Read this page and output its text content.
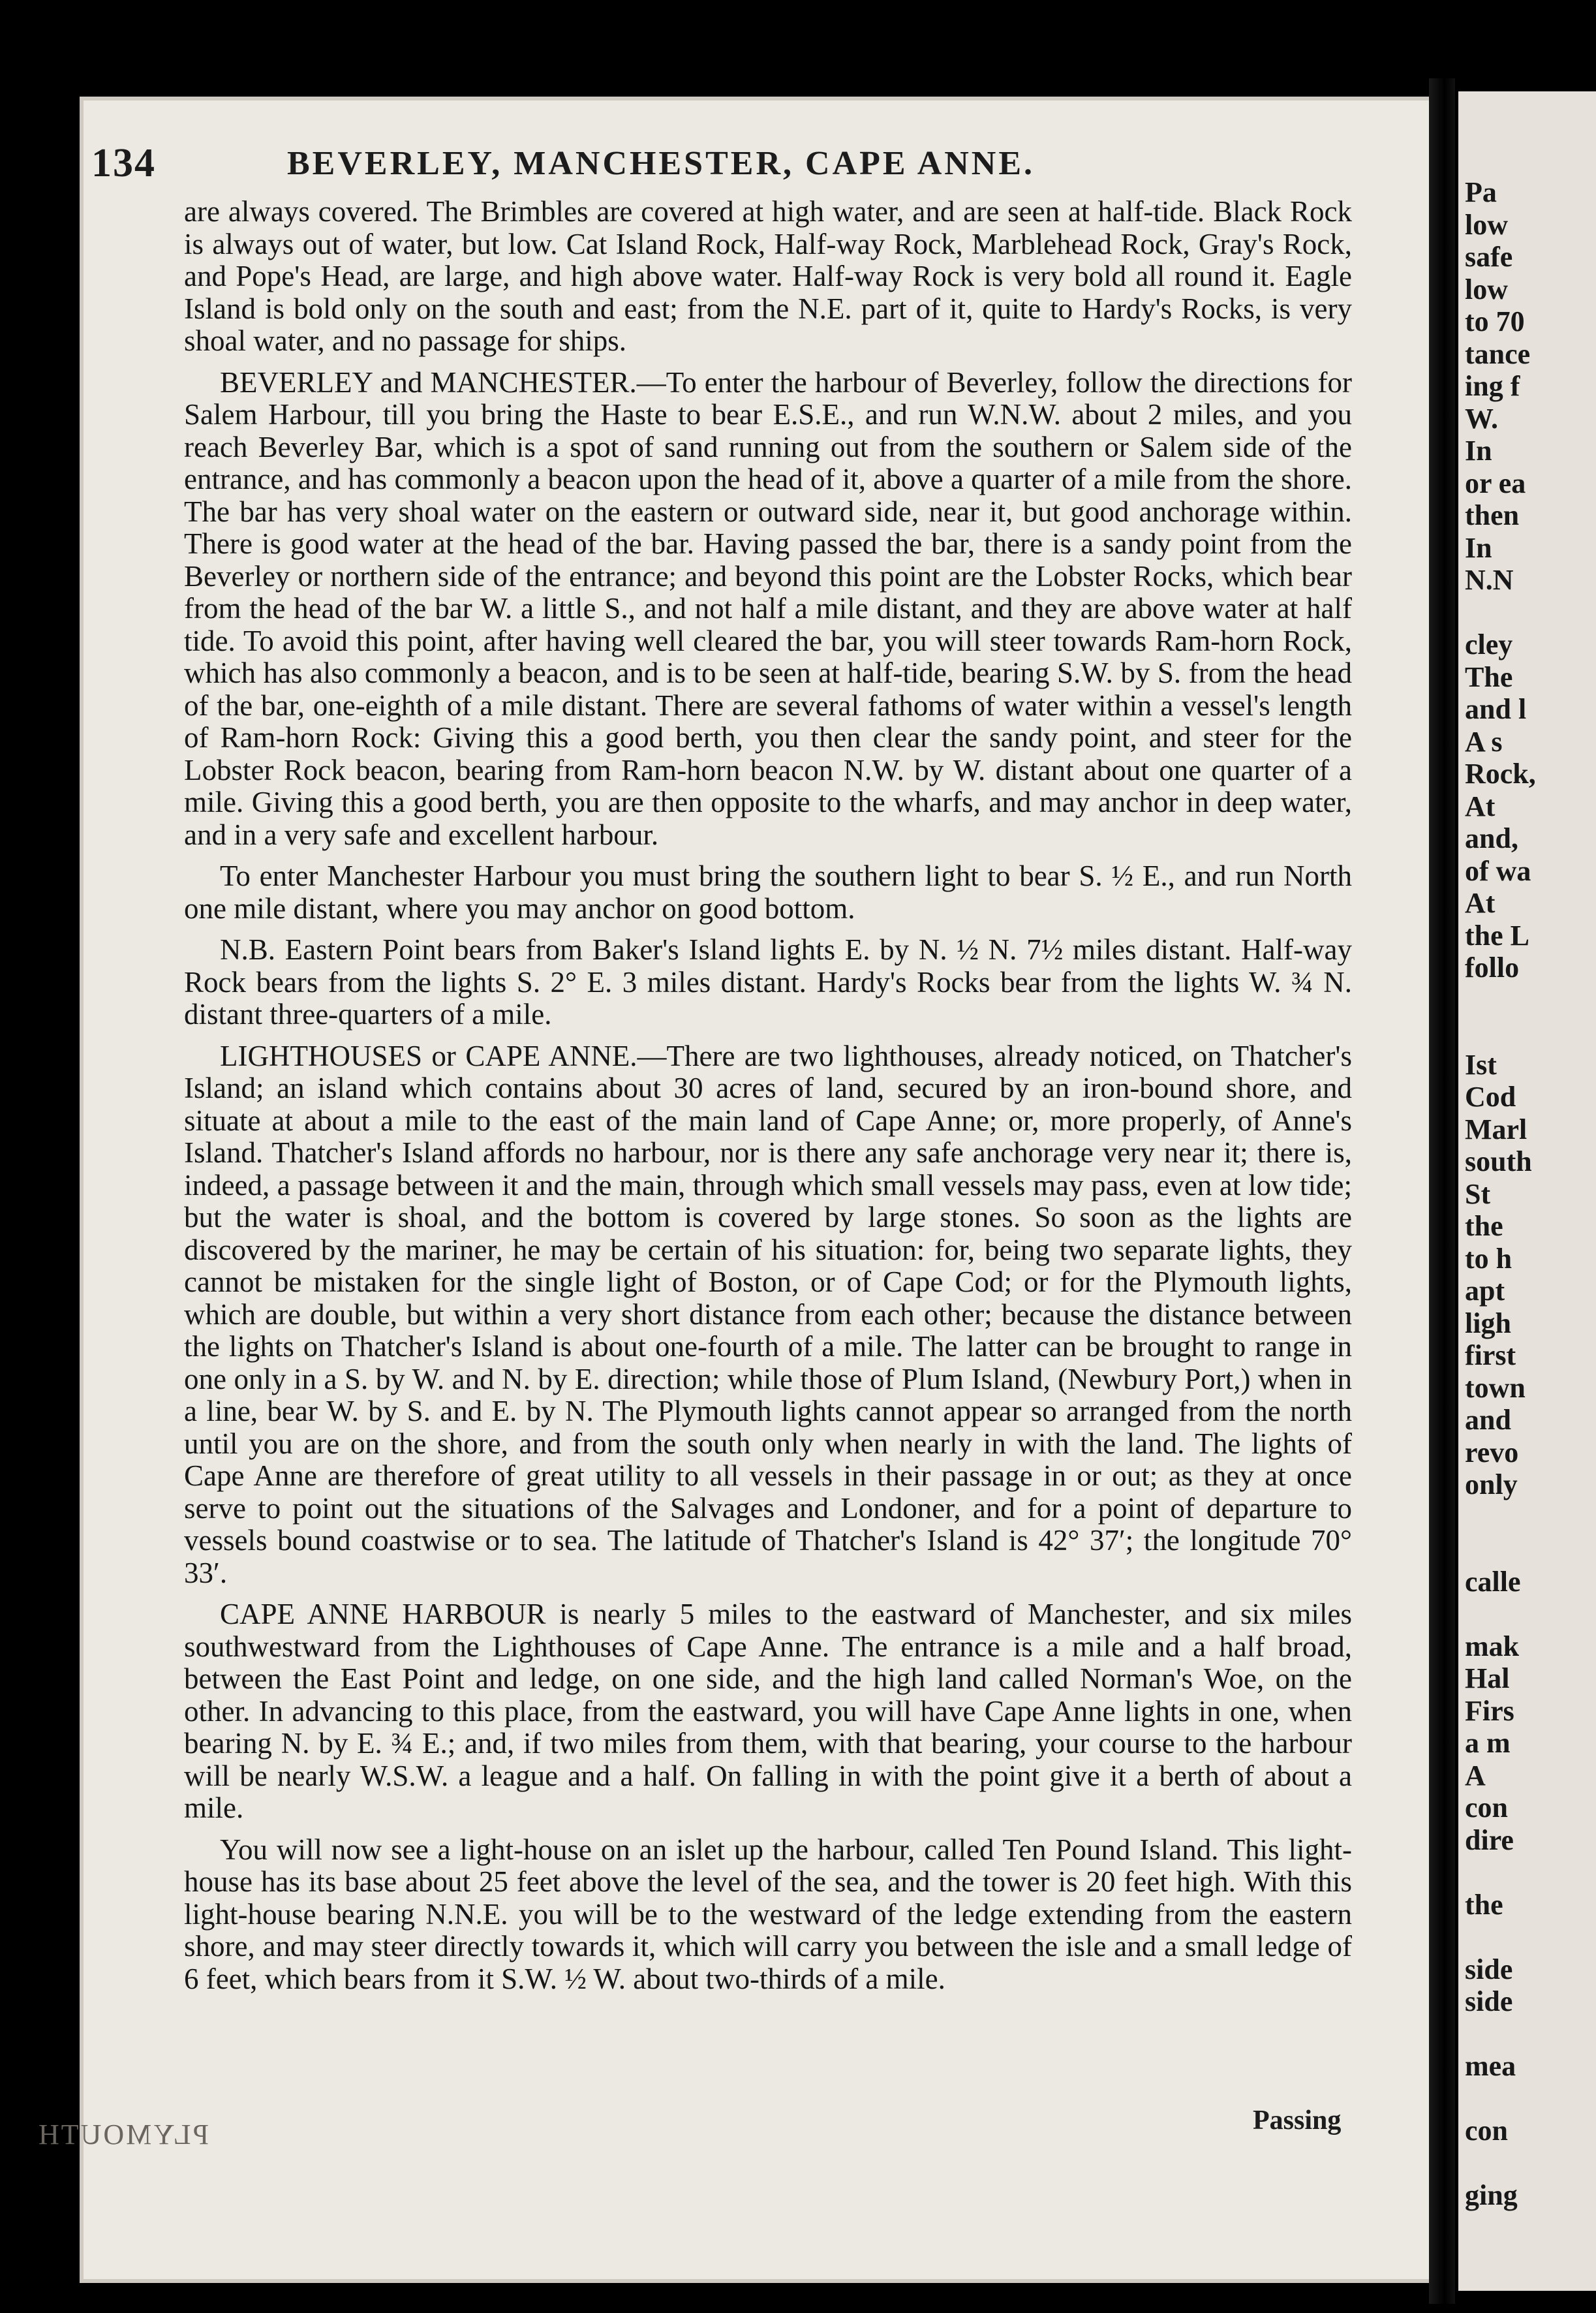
Pa
low
safe
low
to 70
tance
ing f
W.
In
or ea
then
In
N.N

cley
The
and l
A s
Rock,
At
and,
of wa
At
the L
follo

Ist
Cod
Marl
south
St
the
to h
apt
ligh
first
town
and
revo
only

calle

mak
Hal
Firs
a m
A
con
dire

the

side
side

mea

con

ging
134	BEVERLEY, MANCHESTER, CAPE ANNE.

are always covered. The Brimbles are covered at high water, and are seen at half-tide. Black Rock is always out of water, but low. Cat Island Rock, Half-way Rock, Marblehead Rock, Gray's Rock, and Pope's Head, are large, and high above water. Half-way Rock is very bold all round it. Eagle Island is bold only on the south and east; from the N.E. part of it, quite to Hardy's Rocks, is very shoal water, and no passage for ships.

BEVERLEY and MANCHESTER.—To enter the harbour of Beverley, follow the directions for Salem Harbour, till you bring the Haste to bear E.S.E., and run W.N.W. about 2 miles, and you reach Beverley Bar, which is a spot of sand running out from the southern or Salem side of the entrance, and has commonly a beacon upon the head of it, above a quarter of a mile from the shore. The bar has very shoal water on the eastern or outward side, near it, but good anchorage within. There is good water at the head of the bar. Having passed the bar, there is a sandy point from the Beverley or northern side of the entrance; and beyond this point are the Lobster Rocks, which bear from the head of the bar W. a little S., and not half a mile distant, and they are above water at half tide. To avoid this point, after having well cleared the bar, you will steer towards Ram-horn Rock, which has also commonly a beacon, and is to be seen at half-tide, bearing S.W. by S. from the head of the bar, one-eighth of a mile distant. There are several fathoms of water within a vessel's length of Ram-horn Rock: Giving this a good berth, you then clear the sandy point, and steer for the Lobster Rock beacon, bearing from Ram-horn beacon N.W. by W. distant about one quarter of a mile. Giving this a good berth, you are then opposite to the wharfs, and may anchor in deep water, and in a very safe and excellent harbour.

To enter Manchester Harbour you must bring the southern light to bear S. ½ E., and run North one mile distant, where you may anchor on good bottom.

N.B. Eastern Point bears from Baker's Island lights E. by N. ½ N. 7½ miles distant. Half-way Rock bears from the lights S. 2° E. 3 miles distant. Hardy's Rocks bear from the lights W. ¾ N. distant three-quarters of a mile.

LIGHTHOUSES or CAPE ANNE.—There are two lighthouses, already noticed, on Thatcher's Island; an island which contains about 30 acres of land, secured by an iron-bound shore, and situate at about a mile to the east of the main land of Cape Anne; or, more properly, of Anne's Island. Thatcher's Island affords no harbour, nor is there any safe anchorage very near it; there is, indeed, a passage between it and the main, through which small vessels may pass, even at low tide; but the water is shoal, and the bottom is covered by large stones. So soon as the lights are discovered by the mariner, he may be certain of his situation: for, being two separate lights, they cannot be mistaken for the single light of Boston, or of Cape Cod; or for the Plymouth lights, which are double, but within a very short distance from each other; because the distance between the lights on Thatcher's Island is about one-fourth of a mile. The latter can be brought to range in one only in a S. by W. and N. by E. direction; while those of Plum Island, (Newbury Port,) when in a line, bear W. by S. and E. by N. The Plymouth lights cannot appear so arranged from the north until you are on the shore, and from the south only when nearly in with the land. The lights of Cape Anne are therefore of great utility to all vessels in their passage in or out; as they at once serve to point out the situations of the Salvages and Londoner, and for a point of departure to vessels bound coastwise or to sea. The latitude of Thatcher's Island is 42° 37′; the longitude 70° 33′.

CAPE ANNE HARBOUR is nearly 5 miles to the eastward of Manchester, and six miles southwestward from the Lighthouses of Cape Anne. The entrance is a mile and a half broad, between the East Point and ledge, on one side, and the high land called Norman's Woe, on the other. In advancing to this place, from the eastward, you will have Cape Anne lights in one, when bearing N. by E. ¾ E.; and, if two miles from them, with that bearing, your course to the harbour will be nearly W.S.W. a league and a half. On falling in with the point give it a berth of about a mile.

You will now see a light-house on an islet up the harbour, called Ten Pound Island. This light-house has its base about 25 feet above the level of the sea, and the tower is 20 feet high. With this light-house bearing N.N.E. you will be to the westward of the ledge extending from the eastern shore, and may steer directly towards it, which will carry you between the isle and a small ledge of 6 feet, which bears from it S.W. ½ W. about two-thirds of a mile.

PLYMOUTH	Passing
